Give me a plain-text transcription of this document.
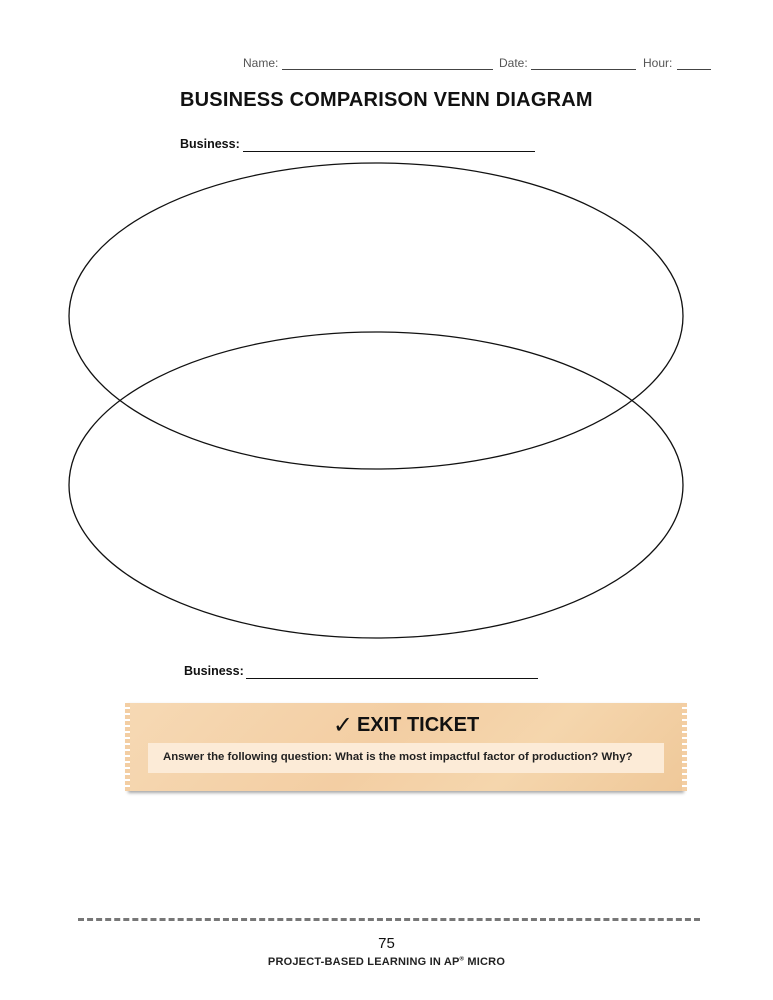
Name:	Date:	Hour:
BUSINESS COMPARISON VENN DIAGRAM
Business:
Business:
✓ EXIT TICKET
Answer the following question: What is the most impactful factor of production? Why?
75
PROJECT-BASED LEARNING IN AP® MICRO
